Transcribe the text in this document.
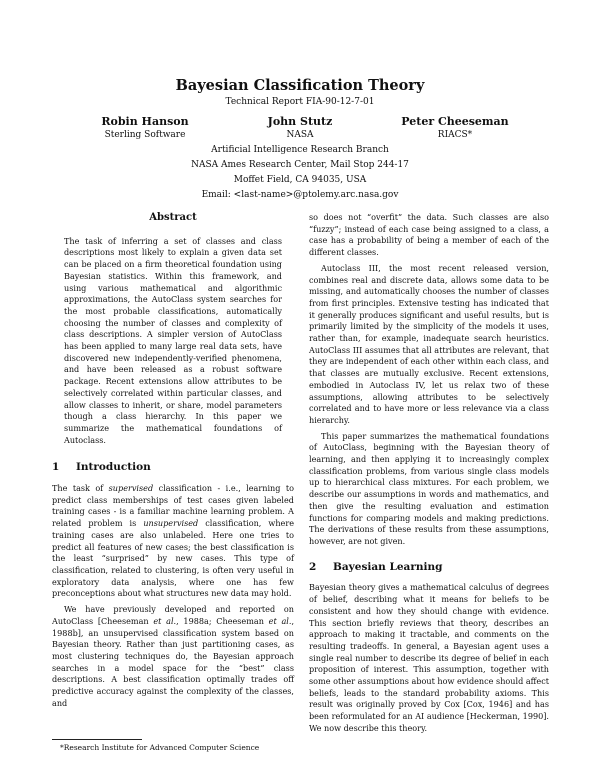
Bayesian Classification Theory
Technical Report FIA-90-12-7-01
Robin Hanson
Sterling Software
John Stutz
NASA
Peter Cheeseman
RIACS*
Artificial Intelligence Research Branch
NASA Ames Research Center, Mail Stop 244-17
Moffet Field, CA 94035, USA
Email: <last-name>@ptolemy.arc.nasa.gov
Abstract

The task of inferring a set of classes and class descriptions most likely to explain a given data set can be placed on a firm theoretical foundation using Bayesian statistics. Within this framework, and using various mathematical and algorithmic approximations, the AutoClass system searches for the most probable classifications, automatically choosing the number of classes and complexity of class descriptions. A simpler version of AutoClass has been applied to many large real data sets, have discovered new independently-verified phenomena, and have been released as a robust software package. Recent extensions allow attributes to be selectively correlated within particular classes, and allow classes to inherit, or share, model parameters though a class hierarchy. In this paper we summarize the mathematical foundations of Autoclass.

1 Introduction

The task of supervised classification - i.e., learning to predict class memberships of test cases given labeled training cases - is a familiar machine learning problem. A related problem is unsupervised classification, where training cases are also unlabeled. Here one tries to predict all features of new cases; the best classification is the least “surprised” by new cases. This type of classification, related to clustering, is often very useful in exploratory data analysis, where one has few preconceptions about what structures new data may hold.

We have previously developed and reported on AutoClass [Cheeseman et al., 1988a; Cheeseman et al., 1988b], an unsupervised classification system based on Bayesian theory. Rather than just partitioning cases, as most clustering techniques do, the Bayesian approach searches in a model space for the “best” class descriptions. A best classification optimally trades off predictive accuracy against the complexity of the classes, and

so does not “overfit” the data. Such classes are also “fuzzy”; instead of each case being assigned to a class, a case has a probability of being a member of each of the different classes.

Autoclass III, the most recent released version, combines real and discrete data, allows some data to be missing, and automatically chooses the number of classes from first principles. Extensive testing has indicated that it generally produces significant and useful results, but is primarily limited by the simplicity of the models it uses, rather than, for example, inadequate search heuristics. AutoClass III assumes that all attributes are relevant, that they are independent of each other within each class, and that classes are mutually exclusive. Recent extensions, embodied in Autoclass IV, let us relax two of these assumptions, allowing attributes to be selectively correlated and to have more or less relevance via a class hierarchy.

This paper summarizes the mathematical foundations of AutoClass, beginning with the Bayesian theory of learning, and then applying it to increasingly complex classification problems, from various single class models up to hierarchical class mixtures. For each problem, we describe our assumptions in words and mathematics, and then give the resulting evaluation and estimation functions for comparing models and making predictions. The derivations of these results from these assumptions, however, are not given.

2 Bayesian Learning

Bayesian theory gives a mathematical calculus of degrees of belief, describing what it means for beliefs to be consistent and how they should change with evidence. This section briefly reviews that theory, describes an approach to making it tractable, and comments on the resulting tradeoffs. In general, a Bayesian agent uses a single real number to describe its degree of belief in each proposition of interest. This assumption, together with some other assumptions about how evidence should affect beliefs, leads to the standard probability axioms. This result was originally proved by Cox [Cox, 1946] and has been reformulated for an AI audience [Heckerman, 1990]. We now describe this theory.

*Research Institute for Advanced Computer Science
